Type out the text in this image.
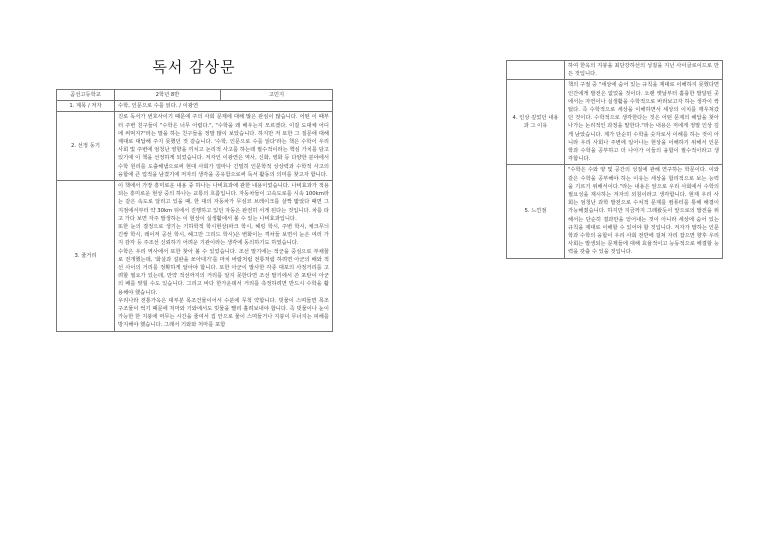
독서 감상문
곰선고등학교	2학년 8반	고민지
1. 제목 / 저자	수학, 인문으로 수를 읽다. / 이광연	
2. 선정 동기	진로 독서가 번호사이기 때문에 주의 사회 문제에 대해 많은 관심이 많습니다. 어떤 이 때부터 주변 친구들이 "수학은 너무 어렵다.", "수학을 왜 배우는지 모르겠다. 이걸 도대체 어디에 써먹지?"라는 말을 하는 친구들을 정말 많이 보았습니다. 하지만 저 또한 그 질문에 대해 제대로 대답해 주지 못했던 것 같습니다. '수학, 인문으로 수를 읽다'라는 책은 수학이 우리 사회 및 주변에 엄청난 영향을 끼치고 논리적 사고를 하는데 필수적이라는 핵심 가치를 담고 있기에 이 책을 선정하게 되었습니다. 저자인 이광연은 역사, 신화, 영화 등 다양한 분야에서 수학 원리를 도출해냄으로써 현대 사회가 얼마나 긴밀히 인문학적 상상력과 수학적 사고의 융합에 큰 업적을 남겼기에 저자의 생각을 공유함으로써 독서 활동의 의미를 찾고자 합니다.	

3. 줄거리	이 책에서 가장 흥미로운 내용 중 하나는 나비효과에 관한 내용이었습니다. 나비효과가 적용되는 흥미로운 현상 중의 하나는 교통의 흐름입니다. 자동차들이 고속도로를 시속 100km라는 같은 속도로 달리고 있을 때, 한 대의 자동차가 무심코 브레이크를 살짝 밟았다 때면 그 지점에서부터 약 30km 뒤에서 진행하고 있던 자동은 완전히 서게 된다는 것입니다. 차를 타고 가다 보면 자주 발생하는 이 현상이 실생활에서 볼 수 있는 나비효과입니다.
또한 눈의 결정으로 생기는 기하학적 학시현상(파크 학시, 헤링 학시, 주변 학시, 체크무늬 긴쌍 학시, 레이저 공선 학시, 헤그만 그리드 학시)은 변화이는 격차들 보면서 눈은 여러 가지 감각 등 주조선 신뢰하기 어려운 기관이라는 생각에 동의하기도 하였습니다.
수학은 우리 역사에서 또한 찾아 볼 수 있었습니다. 조선 말기에는 적군을 중심으로 부채꼴로 전개했는데, '화살과 설완을 쏘아대기'를 마치 바람처럼 전통처럼 하려면 아군의 배와 적선 사이의 거리를 정확하게 알아야 합니다. 또한 아군이 발사한 각종 대포의 사정거리를 고려할 필요가 있는데, 만약 적선까지의 거리를 알지 못한다면 조선 말기에서 쓴 포탄이 아군의 배를 맞힐 수도 있습니다. 그리고 바다 한가운데서 거리를 측정하려면 반드시 수학을 활용해야 했습니다.
우리나라 전통가옥은 대부분 목조건물이어서 수분에 무척 약합니다. 빗물이 스며들면 목조 구조물이 썩기 때문에 처마와 기와에서도 빗물을 빨리 흘려보내야 합니다. 즉 빗물이나 눈이 가능한 한 지붕에 머무는 시간을 줄여서 집 안으로 물이 스며들거나 지붕이 무너지는 피해를 방지해야 했습니다. 그래서 기와와 처마를 포함	
	하여 한옥의 지붕을 최단강하선의 성질을 지닌 사이클로이드로 만든 것입니다.
4. 인상 깊었던 내용과 그 이유	책의 구절 중 "세상에 숨어 있는 규칙을 제대로 이해하지 못했다면 인간에게 발전은 없었을 것이다. 오랜 옛날부터 훌륭한 발달된 곳에서는 자연이나 실생활을 수학적으로 바라보고자 하는 생각이 싹텄다. 즉 수학적으로 세상을 이해하면서 세상의 이치를 깨우쳐갔던 것이다. 수학적으로 생각한다는 것은 어떤 문제의 해답을 찾아나가는 논리적인 과정을 말한다."라는 내용은 저에게 정말 인상 깊게 남았습니다. 제가 단순히 수학을 숫자로서 이해를 하는 것이 아니라 우리 사회나 주변에 일어나는 현상을 이해하기 위해서 인문학과 수학을 공부하고 더 나아가 이들의 융합이 필수적이라고 생각합니다.
5. 느낀점	"수학은 수와 양 및 공간의 성질에 관해 연구하는 학문이다. 이와 같은 수학을 공부해야 하는 이유는 세상을 합리적으로 보는 능력을 기르기 위해서이다."라는 내용은 앞으로 우리 사회에서 수학의 필요성을 재시하는 저자의 외침이라고 생각합니다. 현재 우리 사회는 엄청난 과학 발전으로 수치적 문제를 컴퓨터를 통해 해결이 가능해졌습니다. 하지만 지금까지 그래왔듯이 앞으로의 발전을 위해서는 단순히 결과만을 얻어내는 것이 아니라 세상에 숨어 있는 규칙을 제대로 이해할 수 있어야 할 것입니다. 저자가 말하는 인문학과 수학의 융합이 우리 사회 전반에 걸쳐 자리 잡으면 향후 우리 사회는 발생되는 문제들에 대해 효율적이고 능동적으로 해결할 능력을 갖출 수 있을 것입니다.
